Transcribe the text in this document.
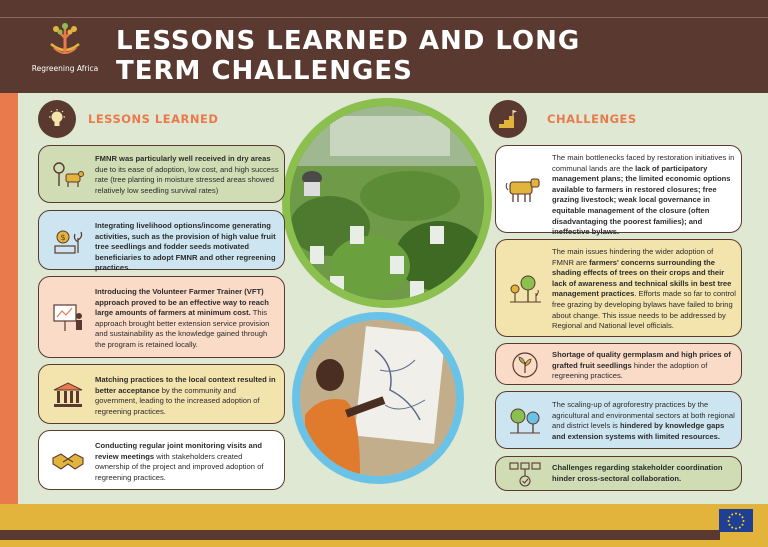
Regreening Africa
LESSONS LEARNED AND LONG
TERM CHALLENGES
LESSONS LEARNED
FMNR was particularly well received in dry areas due to its ease of adoption, low cost, and high success rate (tree planting in moisture stressed areas showed relatively low seedling survival rates)
$
Integrating livelihood options/income generating activities, such as the provision of high value fruit tree seedlings and fodder seeds motivated beneficiaries to adopt FMNR and other regreening practices.
Introducing the Volunteer Farmer Trainer (VFT) approach proved to be an effective way to reach large amounts of farmers at minimum cost. This approach brought better extension service provision and sustainability as the knowledge gained through the program is retained locally.
Matching practices to the local context resulted in better acceptance by the community and government, leading to the increased adoption of regreening practices.
Conducting regular joint monitoring visits and review meetings with stakeholders created ownership of the project and improved adoption of regreening practices.
CHALLENGES
The main bottlenecks faced by restoration initiatives in communal lands are the lack of participatory management plans; the limited economic options available to farmers in restored closures; free grazing livestock; weak local governance in equitable management of the closure (often disadvantaging the poorest families); and ineffective bylaws.
The main issues hindering the wider adoption of FMNR are farmers' concerns surrounding the shading effects of trees on their crops and their lack of awareness and technical skills in best tree management practices. Efforts made so far to control free grazing by developing bylaws have failed to bring about change. This issue needs to be addressed by Regional and National level officials.
Shortage of quality germplasm and high prices of grafted fruit seedlings hinder the adoption of regreening practices.
The scaling-up of agroforestry practices by the agricultural and environmental sectors at both regional and district levels is hindered by knowledge gaps and extension systems with limited resources.
Challenges regarding stakeholder coordination hinder cross-sectoral collaboration.
